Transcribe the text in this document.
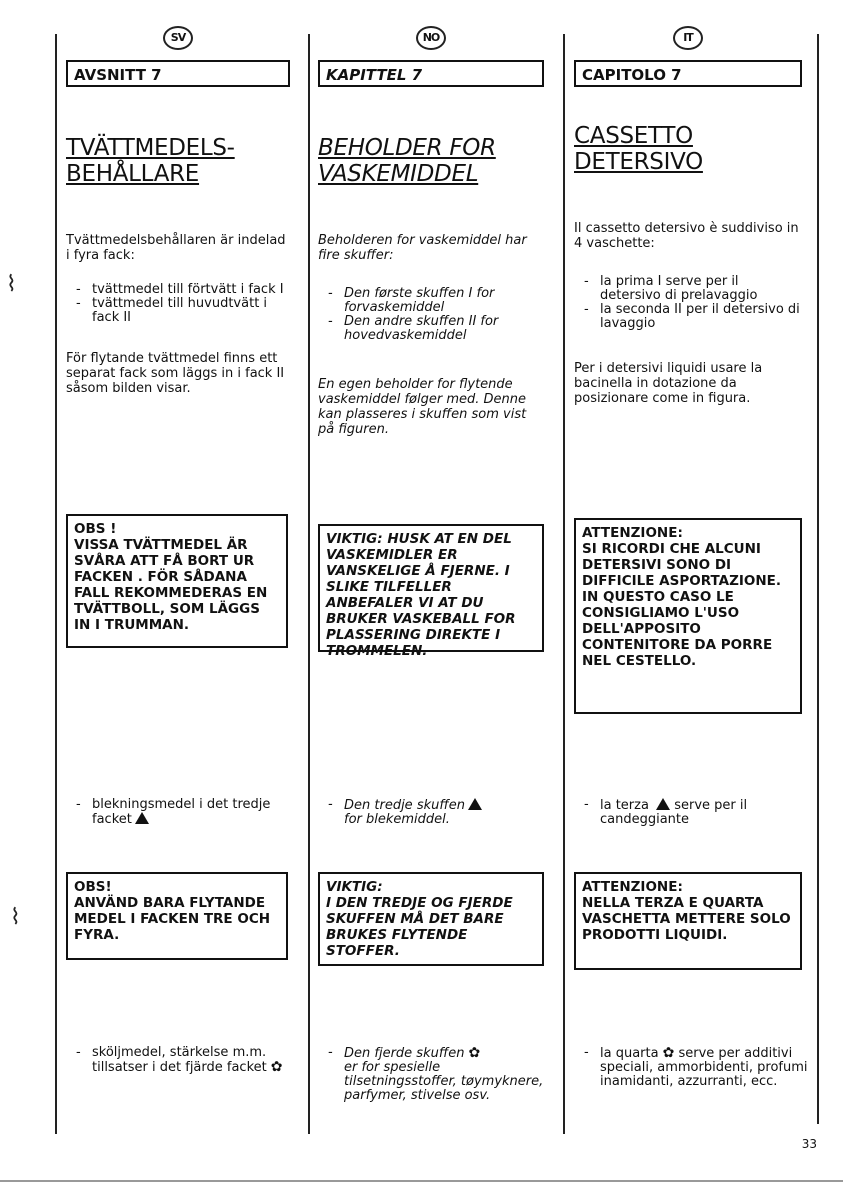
⌇
⌇
SV
AVSNITT 7
TVÄTTMEDELS-BEHÅLLARE
Tvättmedelsbehållaren är indelad i fyra fack:
- tvättmedel till förtvätt i fack I
- tvättmedel till huvudtvätt i fack II
För flytande tvättmedel finns ett separat fack som läggs in i fack II såsom bilden visar.
OBS !
VISSA TVÄTTMEDEL ÄR SVÅRA ATT FÅ BORT UR FACKEN . FÖR SÅDANA FALL REKOMMEDERAS EN TVÄTTBOLL, SOM LÄGGS IN I TRUMMAN.
- blekningsmedel i det tredje facket
OBS!
ANVÄND BARA FLYTANDE MEDEL I FACKEN TRE OCH FYRA.
- sköljmedel, stärkelse m.m. tillsatser i det fjärde facket ✿
NO
KAPITTEL 7
BEHOLDER FOR VASKEMIDDEL
Beholderen for vaskemiddel har fire skuffer:
- Den første skuffen I for forvaskemiddel
- Den andre skuffen II for hovedvaskemiddel
En egen beholder for flytende vaskemiddel følger med. Denne kan plasseres i skuffen som vist på figuren.
VIKTIG: HUSK AT EN DEL VASKEMIDLER ER VANSKELIGE Å FJERNE. I SLIKE TILFELLER ANBEFALER VI AT DU BRUKER VASKEBALL FOR PLASSERING DIREKTE I TROMMELEN.
- Den tredje skuffen
for blekemiddel.
VIKTIG:
I DEN TREDJE OG FJERDE SKUFFEN MÅ DET BARE BRUKES FLYTENDE STOFFER.
- Den fjerde skuffen ✿
er for spesielle tilsetningsstoffer, tøymyknere, parfymer, stivelse osv.
IT
CAPITOLO 7
CASSETTO DETERSIVO
Il cassetto detersivo è suddiviso in 4 vaschette:
- la prima I serve per il detersivo di prelavaggio
- la seconda II per il detersivo di lavaggio
Per i detersivi liquidi usare la bacinella in dotazione da posizionare come in figura.
ATTENZIONE:
SI RICORDI CHE ALCUNI DETERSIVI SONO DI DIFFICILE ASPORTAZIONE. IN QUESTO CASO LE CONSIGLIAMO L'USO DELL'APPOSITO CONTENITORE DA PORRE NEL CESTELLO.
- la terza serve per il candeggiante
ATTENZIONE:
NELLA TERZA E QUARTA VASCHETTA METTERE SOLO PRODOTTI LIQUIDI.
- la quarta ✿ serve per additivi speciali, ammorbidenti, profumi inamidanti, azzurranti, ecc.
33
